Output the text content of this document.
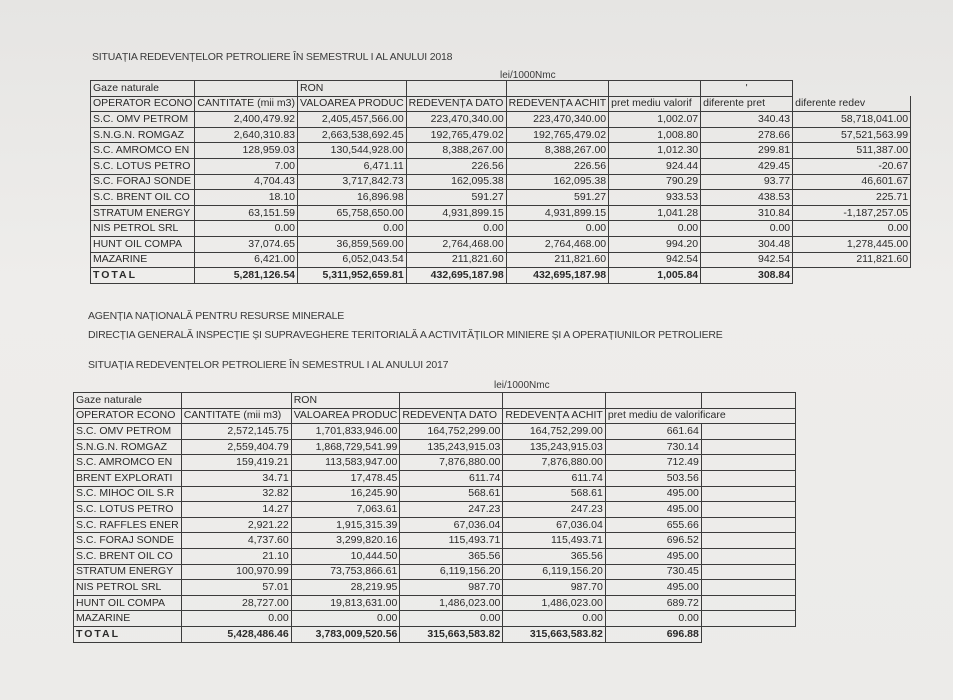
SITUAȚIA REDEVENȚELOR PETROLIERE ÎN SEMESTRUL I AL ANULUI 2018
lei/1000Nmc
Gaze naturale		RON				'	
OPERATOR ECONO	CANTITATE (mii m3)	VALOAREA PRODUC	REDEVENȚA DATO	REDEVENȚA ACHIT	pret mediu valorif	diferente pret	diferente redev
S.C. OMV PETROM	2,400,479.92	2,405,457,566.00	223,470,340.00	223,470,340.00	1,002.07	340.43	58,718,041.00
S.N.G.N. ROMGAZ	2,640,310.83	2,663,538,692.45	192,765,479.02	192,765,479.02	1,008.80	278.66	57,521,563.99
S.C. AMROMCO EN	128,959.03	130,544,928.00	8,388,267.00	8,388,267.00	1,012.30	299.81	511,387.00
S.C. LOTUS PETRO	7.00	6,471.11	226.56	226.56	924.44	429.45	-20.67
S.C. FORAJ SONDE	4,704.43	3,717,842.73	162,095.38	162,095.38	790.29	93.77	46,601.67
S.C. BRENT OIL CO	18.10	16,896.98	591.27	591.27	933.53	438.53	225.71
STRATUM ENERGY	63,151.59	65,758,650.00	4,931,899.15	4,931,899.15	1,041.28	310.84	-1,187,257.05
NIS PETROL SRL	0.00	0.00	0.00	0.00	0.00	0.00	0.00
HUNT OIL COMPA	37,074.65	36,859,569.00	2,764,468.00	2,764,468.00	994.20	304.48	1,278,445.00
MAZARINE	6,421.00	6,052,043.54	211,821.60	211,821.60	942.54	942.54	211,821.60
TOTAL	5,281,126.54	5,311,952,659.81	432,695,187.98	432,695,187.98	1,005.84	308.84	
AGENȚIA NAȚIONALĂ PENTRU RESURSE MINERALE
DIRECȚIA GENERALĂ INSPECȚIE ȘI SUPRAVEGHERE TERITORIALĂ A ACTIVITĂȚILOR MINIERE ȘI A OPERAȚIUNILOR PETROLIERE
SITUAȚIA REDEVENȚELOR PETROLIERE ÎN SEMESTRUL I AL ANULUI 2017
lei/1000Nmc
Gaze naturale		RON				
OPERATOR ECONO	CANTITATE (mii m3)	VALOAREA PRODUC	REDEVENȚA DATO	REDEVENȚA ACHIT	pret mediu de valorificare	
S.C. OMV PETROM	2,572,145.75	1,701,833,946.00	164,752,299.00	164,752,299.00	661.64	
S.N.G.N. ROMGAZ	2,559,404.79	1,868,729,541.99	135,243,915.03	135,243,915.03	730.14	
S.C. AMROMCO EN	159,419.21	113,583,947.00	7,876,880.00	7,876,880.00	712.49	
BRENT EXPLORATI	34.71	17,478.45	611.74	611.74	503.56	
S.C. MIHOC OIL S.R	32.82	16,245.90	568.61	568.61	495.00	
S.C. LOTUS PETRO	14.27	7,063.61	247.23	247.23	495.00	
S.C. RAFFLES ENER	2,921.22	1,915,315.39	67,036.04	67,036.04	655.66	
S.C. FORAJ SONDE	4,737.60	3,299,820.16	115,493.71	115,493.71	696.52	
S.C. BRENT OIL CO	21.10	10,444.50	365.56	365.56	495.00	
STRATUM ENERGY	100,970.99	73,753,866.61	6,119,156.20	6,119,156.20	730.45	
NIS PETROL SRL	57.01	28,219.95	987.70	987.70	495.00	
HUNT OIL COMPA	28,727.00	19,813,631.00	1,486,023.00	1,486,023.00	689.72	
MAZARINE	0.00	0.00	0.00	0.00	0.00	
TOTAL	5,428,486.46	3,783,009,520.56	315,663,583.82	315,663,583.82	696.88	
